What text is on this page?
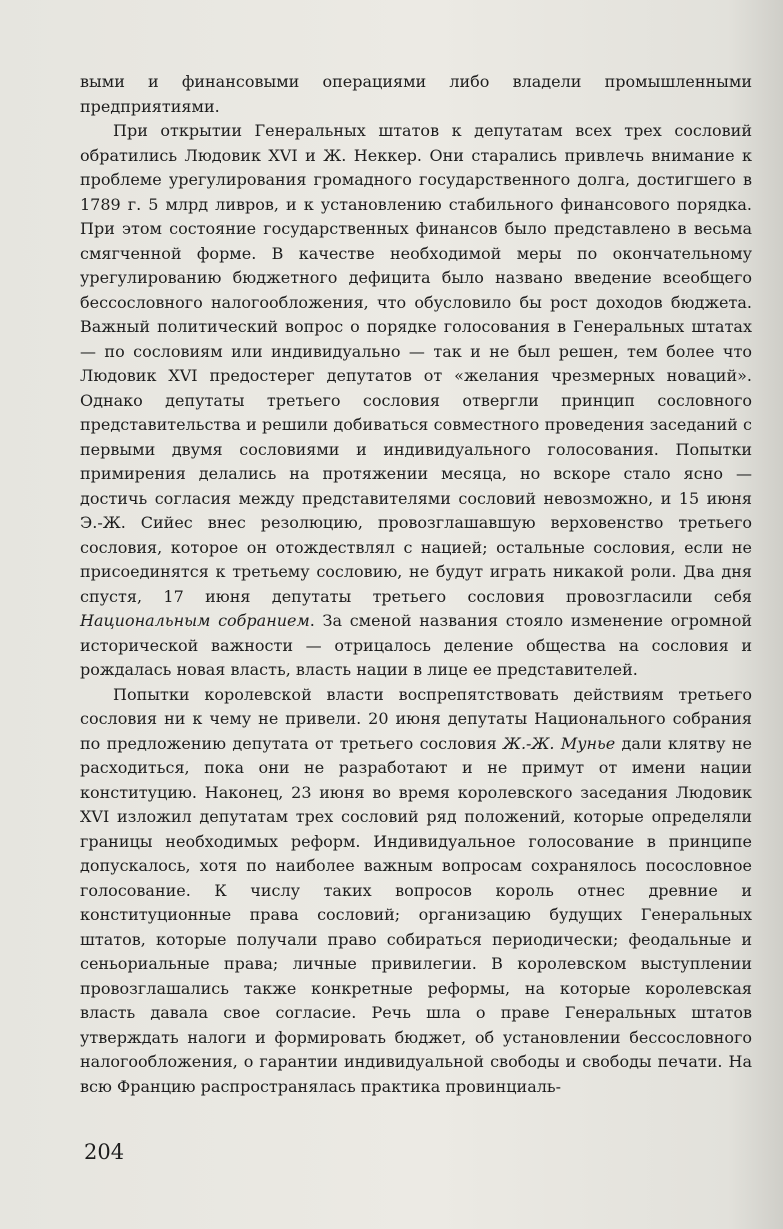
выми и финансовыми операциями либо владели промышленными предприятиями.

При открытии Генеральных штатов к депутатам всех трех сословий обратились Людовик XVI и Ж. Неккер. Они старались привлечь внимание к проблеме урегулирования громадного государственного долга, достигшего в 1789 г. 5 млрд ливров, и к установлению стабильного финансового порядка. При этом состояние государственных финансов было представлено в весьма смягченной форме. В качестве необходимой меры по окончательному урегулированию бюджетного дефицита было названо введение всеобщего бессословного налогообложения, что обусловило бы рост доходов бюджета. Важный политический вопрос о порядке голосования в Генеральных штатах — по сословиям или индивидуально — так и не был решен, тем более что Людовик XVI предостерег депутатов от «желания чрезмерных новаций». Однако депутаты третьего сословия отвергли принцип сословного представительства и решили добиваться совместного проведения заседаний с первыми двумя сословиями и индивидуального голосования. Попытки примирения делались на протяжении месяца, но вскоре стало ясно — достичь согласия между представителями сословий невозможно, и 15 июня Э.-Ж. Сийес внес резолюцию, провозглашавшую верховенство третьего сословия, которое он отождествлял с нацией; остальные сословия, если не присоединятся к третьему сословию, не будут играть никакой роли. Два дня спустя, 17 июня депутаты третьего сословия провозгласили себя Национальным собранием. За сменой названия стояло изменение огромной исторической важности — отрицалось деление общества на сословия и рождалась новая власть, власть нации в лице ее представителей.

Попытки королевской власти воспрепятствовать действиям третьего сословия ни к чему не привели. 20 июня депутаты Национального собрания по предложению депутата от третьего сословия Ж.-Ж. Мунье дали клятву не расходиться, пока они не разработают и не примут от имени нации конституцию. Наконец, 23 июня во время королевского заседания Людовик XVI изложил депутатам трех сословий ряд положений, которые определяли границы необходимых реформ. Индивидуальное голосование в принципе допускалось, хотя по наиболее важным вопросам сохранялось посословное голосование. К числу таких вопросов король отнес древние и конституционные права сословий; организацию будущих Генеральных штатов, которые получали право собираться периодически; феодальные и сеньориальные права; личные привилегии. В королевском выступлении провозглашались также конкретные реформы, на которые королевская власть давала свое согласие. Речь шла о праве Генеральных штатов утверждать налоги и формировать бюджет, об установлении бессословного налогообложения, о гарантии индивидуальной свободы и свободы печати. На всю Францию распространялась практика провинциаль-

204
